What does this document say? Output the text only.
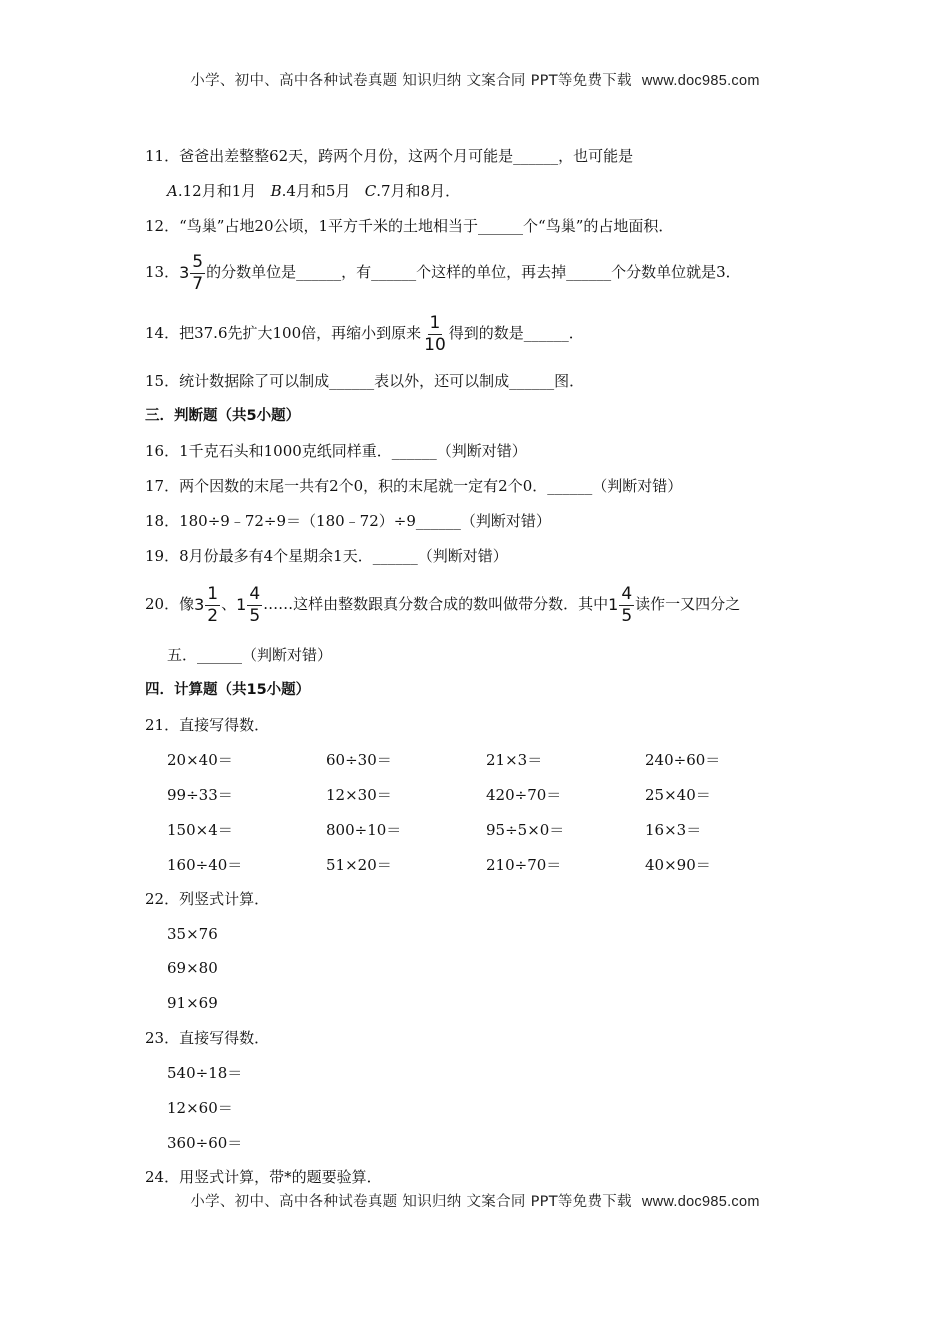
小学、初中、高中各种试卷真题 知识归纳 文案合同 PPT等免费下载 www.doc985.com
11．爸爸出差整整62天，跨两个月份，这两个月可能是______，也可能是
A.12月和1月 B.4月和5月 C.7月和8月．
12．“鸟巢”占地20公顷，1平方千米的土地相当于______个“鸟巢”的占地面积．
13．$3 \frac{5}{7}$ 的分数单位是______，有______个这样的单位，再去掉______个分数单位就是3．
14．把37.6先扩大100倍，再缩小到原来 $\frac{1}{10}$ 得到的数是______．
15．统计数据除了可以制成______表以外，还可以制成______图．
三．判断题（共5小题）
16．1千克石头和1000克纸同样重．______（判断对错）
17．两个因数的末尾一共有2个0，积的末尾就一定有2个0．______（判断对错）
18．180÷9﹣72÷9＝（180﹣72）÷9______（判断对错）
19．8月份最多有4个星期余1天．______（判断对错）
20．像$3 \frac{1}{2}$ 、$1 \frac{4}{5}$ ……这样由整数跟真分数合成的数叫做带分数．其中$1 \frac{4}{5}$ 读作一又四分之
五．______（判断对错）
四．计算题（共15小题）
21．直接写得数．
20×40＝	60÷30＝	21×3＝	240÷60＝
99÷33＝	12×30＝	420÷70＝	25×40＝
150×4＝	800÷10＝	95÷5×0＝	16×3＝
160÷40＝	51×20＝	210÷70＝	40×90＝
22．列竖式计算．
35×76
69×80
91×69
23．直接写得数．
540÷18＝
12×60＝
360÷60＝
24．用竖式计算，带*的题要验算．
小学、初中、高中各种试卷真题 知识归纳 文案合同 PPT等免费下载 www.doc985.com
